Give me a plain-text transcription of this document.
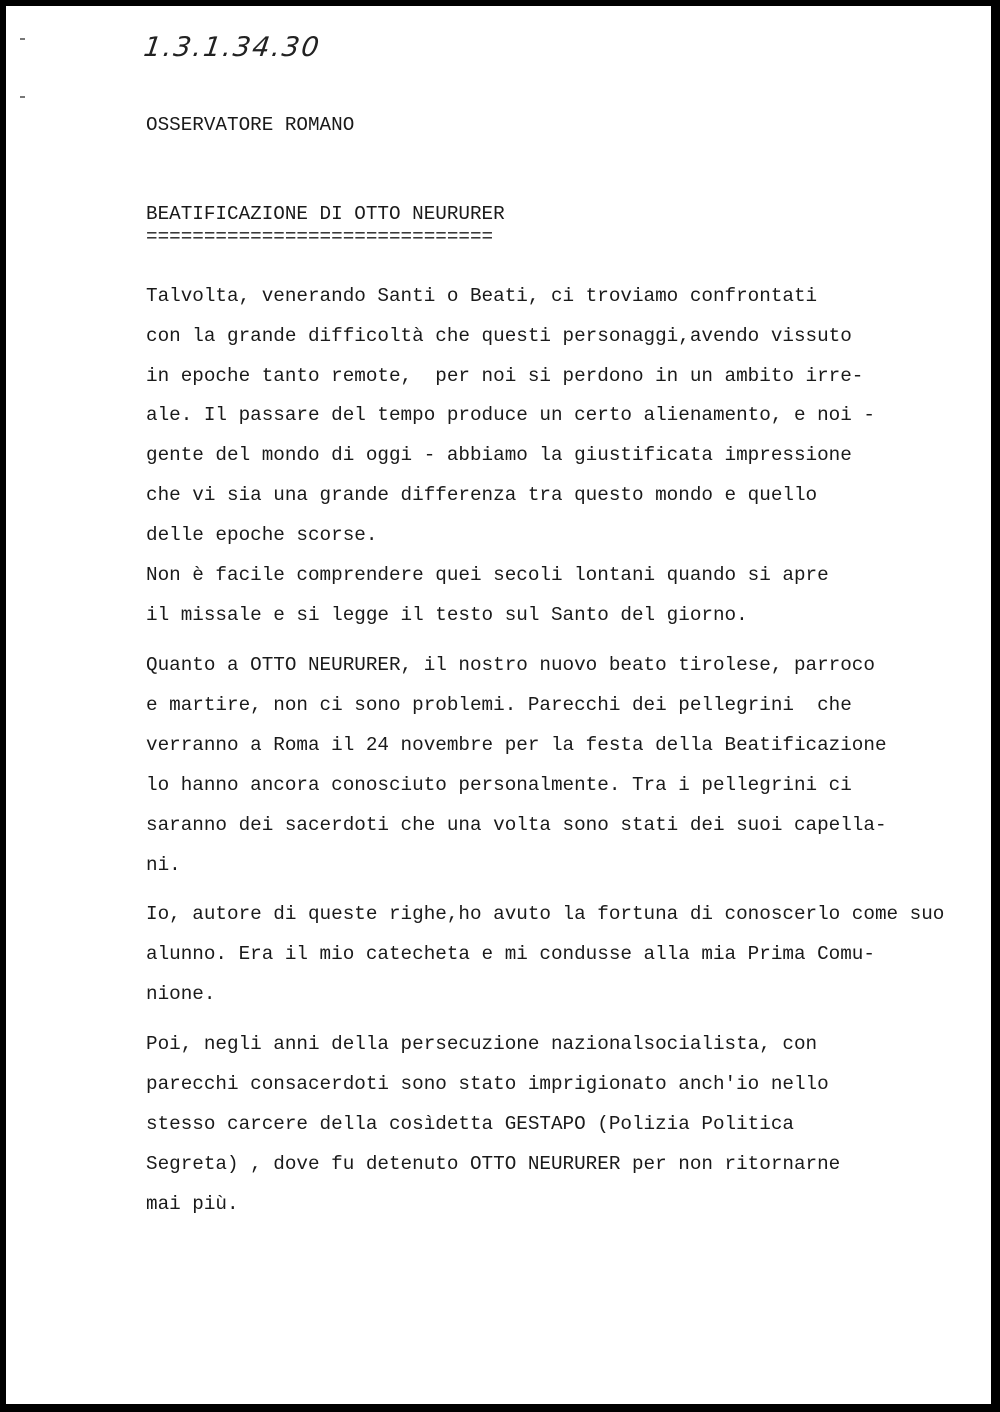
1.3.1.34.30
OSSERVATORE ROMANO
BEATIFICAZIONE DI OTTO NEURURER
==============================
Talvolta, venerando Santi o Beati, ci troviamo confrontati
con la grande difficoltà che questi personaggi,avendo vissuto
in epoche tanto remote,  per noi si perdono in un ambito irre-
ale. Il passare del tempo produce un certo alienamento, e noi -
gente del mondo di oggi - abbiamo la giustificata impressione
che vi sia una grande differenza tra questo mondo e quello
delle epoche scorse.
Non è facile comprendere quei secoli lontani quando si apre
il missale e si legge il testo sul Santo del giorno.
Quanto a OTTO NEURURER, il nostro nuovo beato tirolese, parroco
e martire, non ci sono problemi. Parecchi dei pellegrini  che
verranno a Roma il 24 novembre per la festa della Beatificazione
lo hanno ancora conosciuto personalmente. Tra i pellegrini ci
saranno dei sacerdoti che una volta sono stati dei suoi capella-
ni.
Io, autore di queste righe,ho avuto la fortuna di conoscerlo come suo
alunno. Era il mio catecheta e mi condusse alla mia Prima Comu-
nione.
Poi, negli anni della persecuzione nazionalsocialista, con
parecchi consacerdoti sono stato imprigionato anch'io nello
stesso carcere della cosìdetta GESTAPO (Polizia Politica
Segreta) , dove fu detenuto OTTO NEURURER per non ritornarne
mai più.
